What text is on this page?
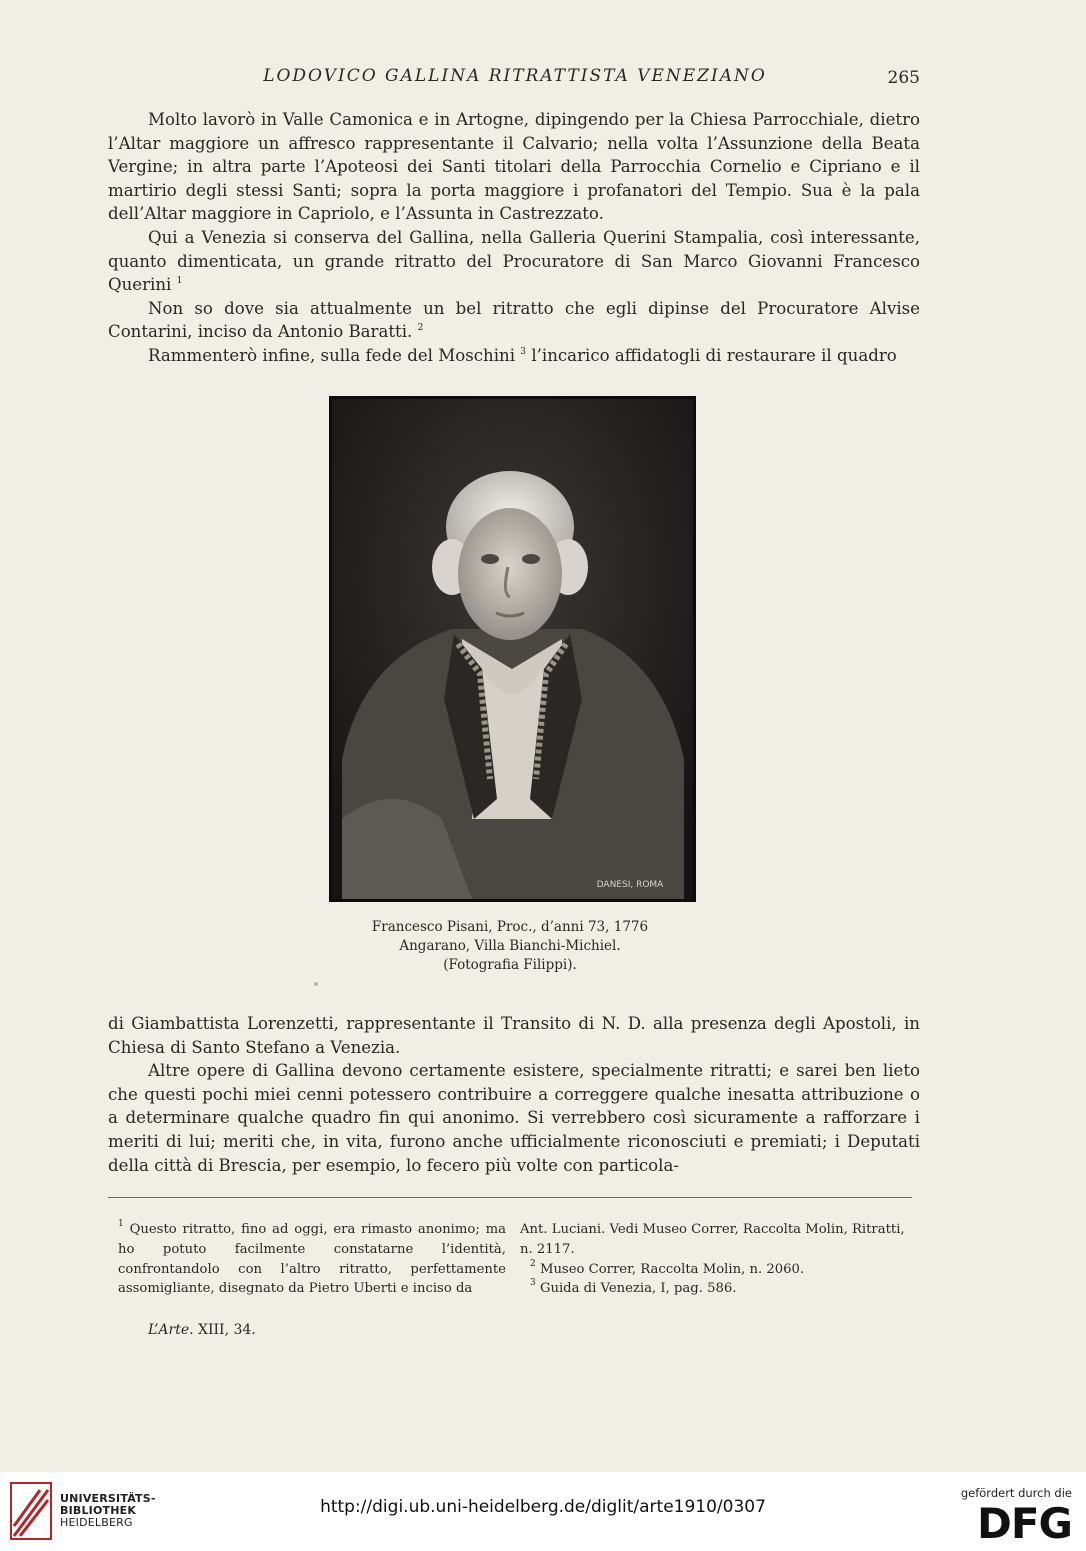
LODOVICO GALLINA RITRATTISTA VENEZIANO	265

Molto lavorò in Valle Camonica e in Artogne, dipingendo per la Chiesa Parrocchiale, dietro l’Altar maggiore un affresco rappresentante il Calvario; nella volta l’Assunzione della Beata Vergine; in altra parte l’Apoteosi dei Santi titolari della Parrocchia Cornelio e Cipriano e il martirio degli stessi Santi; sopra la porta maggiore i profanatori del Tempio. Sua è la pala dell’Altar maggiore in Capriolo, e l’Assunta in Castrezzato.

Qui a Venezia si conserva del Gallina, nella Galleria Querini Stampalia, così interessante, quanto dimenticata, un grande ritratto del Procuratore di San Marco Giovanni Francesco Querini $^1$

Non so dove sia attualmente un bel ritratto che egli dipinse del Procuratore Alvise Contarini, inciso da Antonio Baratti. $^2$

Rammenterò infine, sulla fede del Moschini $^3$ l’incarico affidatogli di restaurare il quadro

DANESI, ROMA
Francesco Pisani, Proc., d’anni 73, 1776
Angarano, Villa Bianchi-Michiel.
(Fotografia Filippi).

di Giambattista Lorenzetti, rappresentante il Transito di N. D. alla presenza degli Apostoli, in Chiesa di Santo Stefano a Venezia.

Altre opere di Gallina devono certamente esistere, specialmente ritratti; e sarei ben lieto che questi pochi miei cenni potessero contribuire a correggere qualche inesatta attribuzione o a determinare qualche quadro fin qui anonimo. Si verrebbero così sicuramente a rafforzare i meriti di lui; meriti che, in vita, furono anche ufficialmente riconosciuti e premiati; i Deputati della città di Brescia, per esempio, lo fecero più volte con particola-

$^1$ Questo ritratto, fino ad oggi, era rimasto anonimo; ma ho potuto facilmente constatarne l’identità, confrontandolo con l’altro ritratto, perfettamente assomigliante, disegnato da Pietro Uberti e inciso da

Ant. Luciani. Vedi Museo Correr, Raccolta Molin, Ritratti, n. 2117.

$^2$ Museo Correr, Raccolta Molin, n. 2060.

$^3$ Guida di Venezia, I, pag. 586.

L’Arte. XIII, 34.
UNIVERSITÄTS-
BIBLIOTHEK
HEIDELBERG
http://digi.ub.uni-heidelberg.de/diglit/arte1910/0307
gefördert durch die
DFG
